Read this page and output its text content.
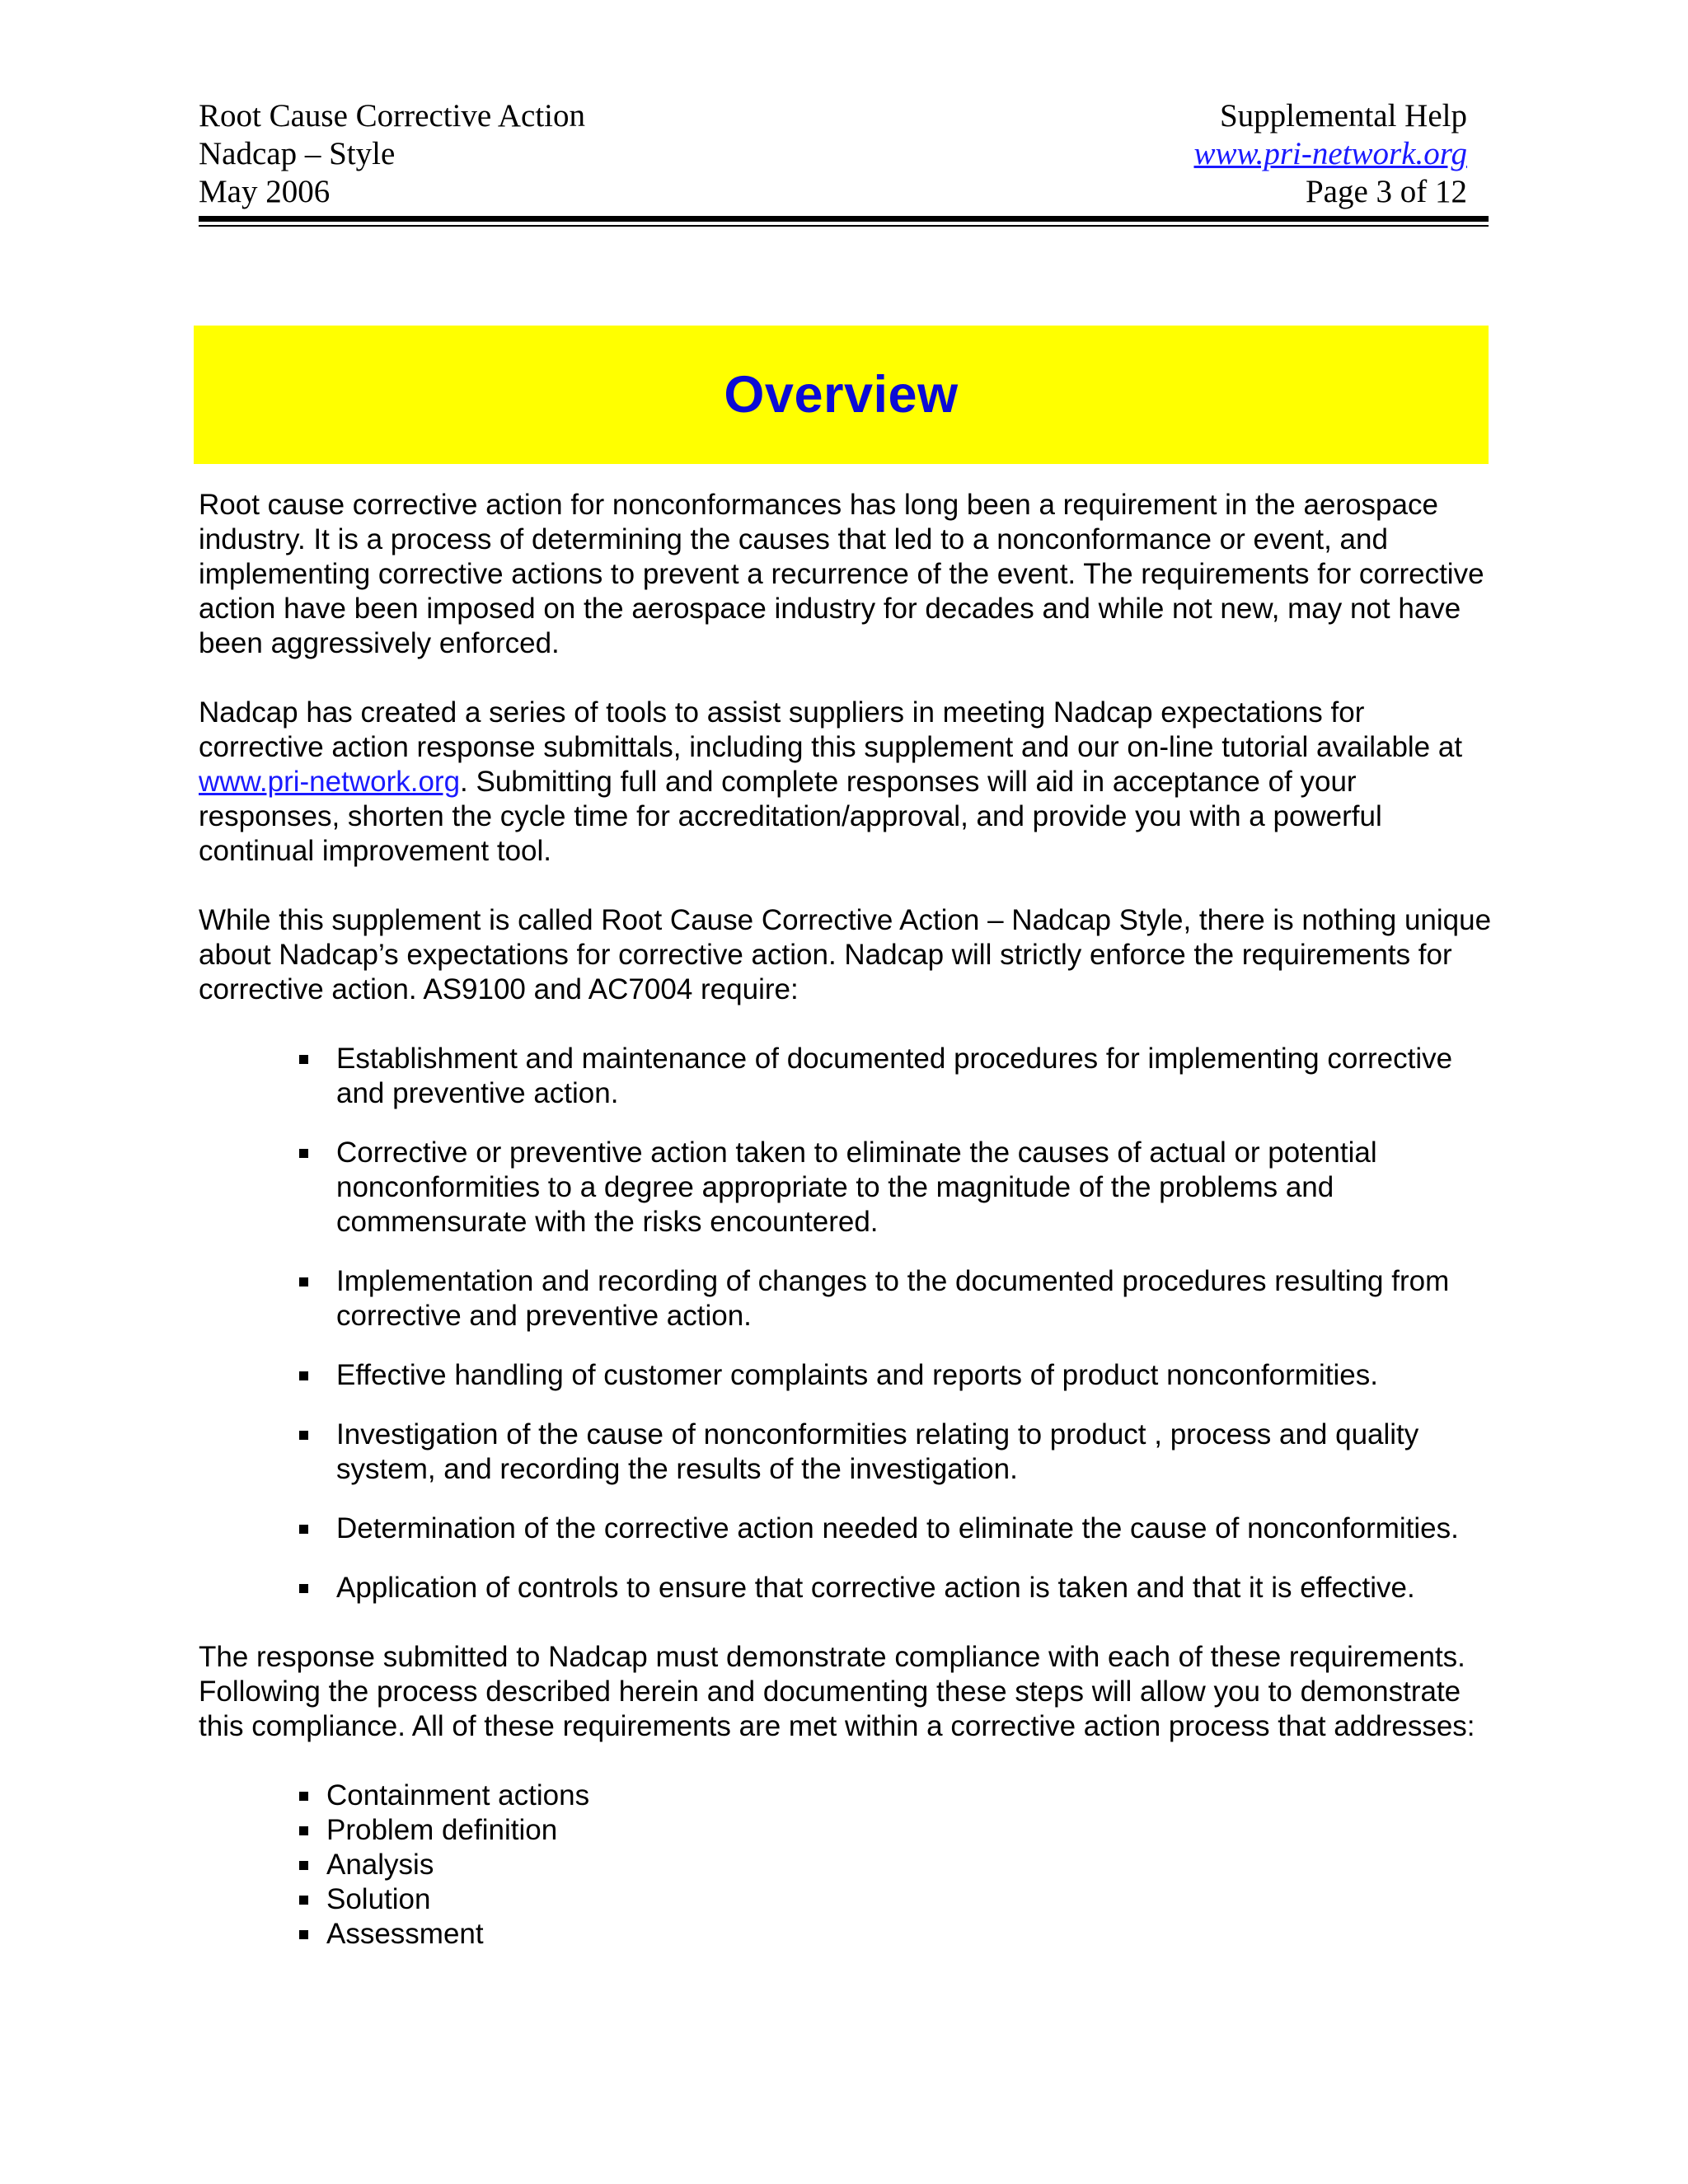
Root Cause Corrective Action
Nadcap – Style
May 2006
Supplemental Help
www.pri-network.org
Page 3 of 12
Overview

Root cause corrective action for nonconformances has long been a requirement in the aerospace industry. It is a process of determining the causes that led to a nonconformance or event, and implementing corrective actions to prevent a recurrence of the event. The requirements for corrective action have been imposed on the aerospace industry for decades and while not new, may not have been aggressively enforced.

Nadcap has created a series of tools to assist suppliers in meeting Nadcap expectations for corrective action response submittals, including this supplement and our on-line tutorial available at www.pri-network.org. Submitting full and complete responses will aid in acceptance of your responses, shorten the cycle time for accreditation/approval, and provide you with a powerful continual improvement tool.

While this supplement is called Root Cause Corrective Action – Nadcap Style, there is nothing unique about Nadcap’s expectations for corrective action. Nadcap will strictly enforce the requirements for corrective action. AS9100 and AC7004 require:

Establishment and maintenance of documented procedures for implementing corrective and preventive action.
Corrective or preventive action taken to eliminate the causes of actual or potential nonconformities to a degree appropriate to the magnitude of the problems and commensurate with the risks encountered.
Implementation and recording of changes to the documented procedures resulting from corrective and preventive action.
Effective handling of customer complaints and reports of product nonconformities.
Investigation of the cause of nonconformities relating to product , process and quality system, and recording the results of the investigation.
Determination of the corrective action needed to eliminate the cause of nonconformities.
Application of controls to ensure that corrective action is taken and that it is effective.

The response submitted to Nadcap must demonstrate compliance with each of these requirements. Following the process described herein and documenting these steps will allow you to demonstrate this compliance. All of these requirements are met within a corrective action process that addresses:

Containment actions
Problem definition
Analysis
Solution
Assessment
